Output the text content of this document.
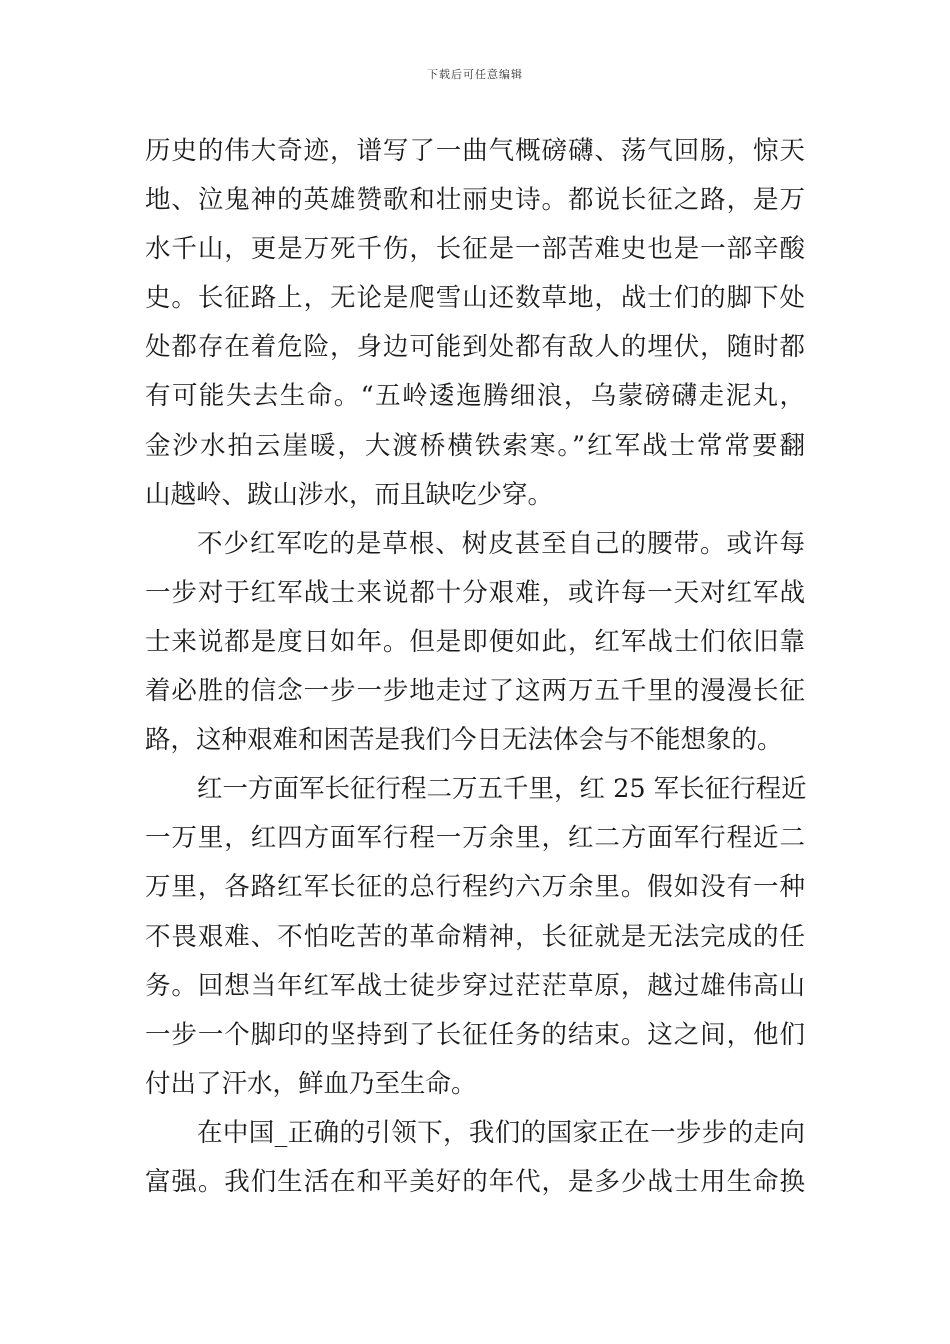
下载后可任意编辑
历史的伟大奇迹，谱写了一曲气概磅礴、荡气回肠，惊天
地、泣鬼神的英雄赞歌和壮丽史诗。都说长征之路，是万
水千山，更是万死千伤，长征是一部苦难史也是一部辛酸
史。长征路上，无论是爬雪山还数草地，战士们的脚下处
处都存在着危险，身边可能到处都有敌人的埋伏，随时都
有可能失去生命。“五岭逶迤腾细浪，乌蒙磅礴走泥丸，
金沙水拍云崖暖，大渡桥横铁索寒。”红军战士常常要翻
山越岭、跋山涉水，而且缺吃少穿。
不少红军吃的是草根、树皮甚至自己的腰带。或许每
一步对于红军战士来说都十分艰难，或许每一天对红军战
士来说都是度日如年。但是即便如此，红军战士们依旧靠
着必胜的信念一步一步地走过了这两万五千里的漫漫长征
路，这种艰难和困苦是我们今日无法体会与不能想象的。
红一方面军长征行程二万五千里，红 25 军长征行程近
一万里，红四方面军行程一万余里，红二方面军行程近二
万里，各路红军长征的总行程约六万余里。假如没有一种
不畏艰难、不怕吃苦的革命精神，长征就是无法完成的任
务。回想当年红军战士徒步穿过茫茫草原，越过雄伟高山
一步一个脚印的坚持到了长征任务的结束。这之间，他们
付出了汗水，鲜血乃至生命。
在中国_正确的引领下，我们的国家正在一步步的走向
富强。我们生活在和平美好的年代，是多少战士用生命换
